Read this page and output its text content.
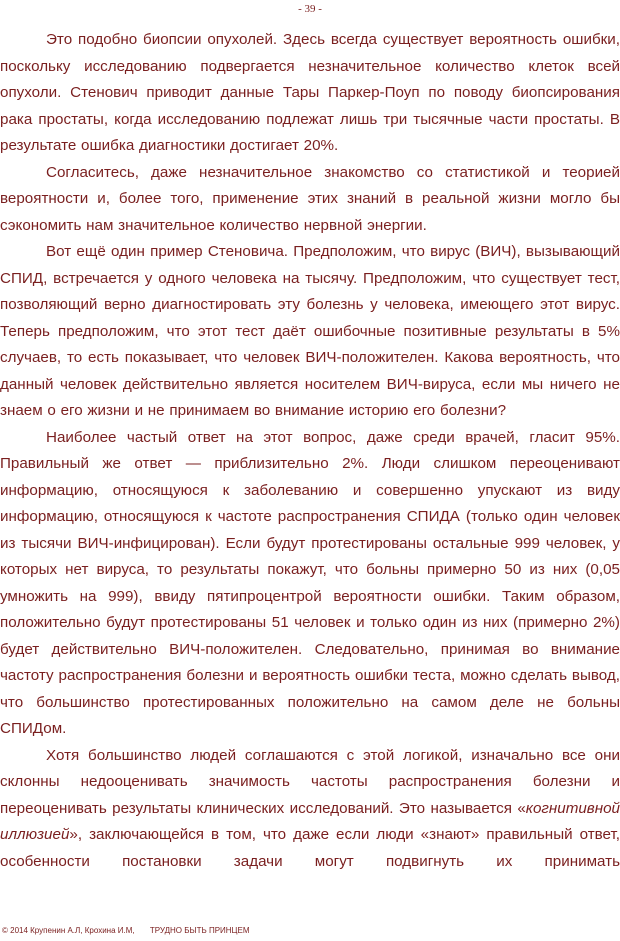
- 39 -

Это подобно биопсии опухолей. Здесь всегда существует вероятность ошибки, поскольку исследованию подвергается незначительное количество клеток всей опухоли. Стенович приводит данные Тары Паркер-Поуп по поводу биопсирования рака простаты, когда исследованию подлежат лишь три тысячные части простаты. В результате ошибка диагностики достигает 20%.

Согласитесь, даже незначительное знакомство со статистикой и теорией вероятности и, более того, применение этих знаний в реальной жизни могло бы сэкономить нам значительное количество нервной энергии.

Вот ещё один пример Стеновича. Предположим, что вирус (ВИЧ), вызывающий СПИД, встречается у одного человека на тысячу. Предположим, что существует тест, позволяющий верно диагностировать эту болезнь у человека, имеющего этот вирус. Теперь предположим, что этот тест даёт ошибочные позитивные результаты в 5% случаев, то есть показывает, что человек ВИЧ-положителен. Какова вероятность, что данный человек действительно является носителем ВИЧ-вируса, если мы ничего не знаем о его жизни и не принимаем во внимание историю его болезни?

Наиболее частый ответ на этот вопрос, даже среди врачей, гласит 95%. Правильный же ответ — приблизительно 2%. Люди слишком переоценивают информацию, относящуюся к заболеванию и совершенно упускают из виду информацию, относящуюся к частоте распространения СПИДА (только один человек из тысячи ВИЧ-инфицирован). Если будут протестированы остальные 999 человек, у которых нет вируса, то результаты покажут, что больны примерно 50 из них (0,05 умножить на 999), ввиду пятипроцентрой вероятности ошибки. Таким образом, положительно будут протестированы 51 человек и только один из них (примерно 2%) будет действительно ВИЧ-положителен. Следовательно, принимая во внимание частоту распространения болезни и вероятность ошибки теста, можно сделать вывод, что большинство протестированных положительно на самом деле не больны СПИДом.

Хотя большинство людей соглашаются с этой логикой, изначально все они склонны недооценивать значимость частоты распространения болезни и переоценивать результаты клинических исследований. Это называется «когнитивной иллюзией», заключающейся в том, что даже если люди «знают» правильный ответ, особенности постановки задачи могут подвигнуть их принимать

© 2014 Крупенин А.Л, Крохина И.М, ТРУДНО БЫТЬ ПРИНЦЕМ
